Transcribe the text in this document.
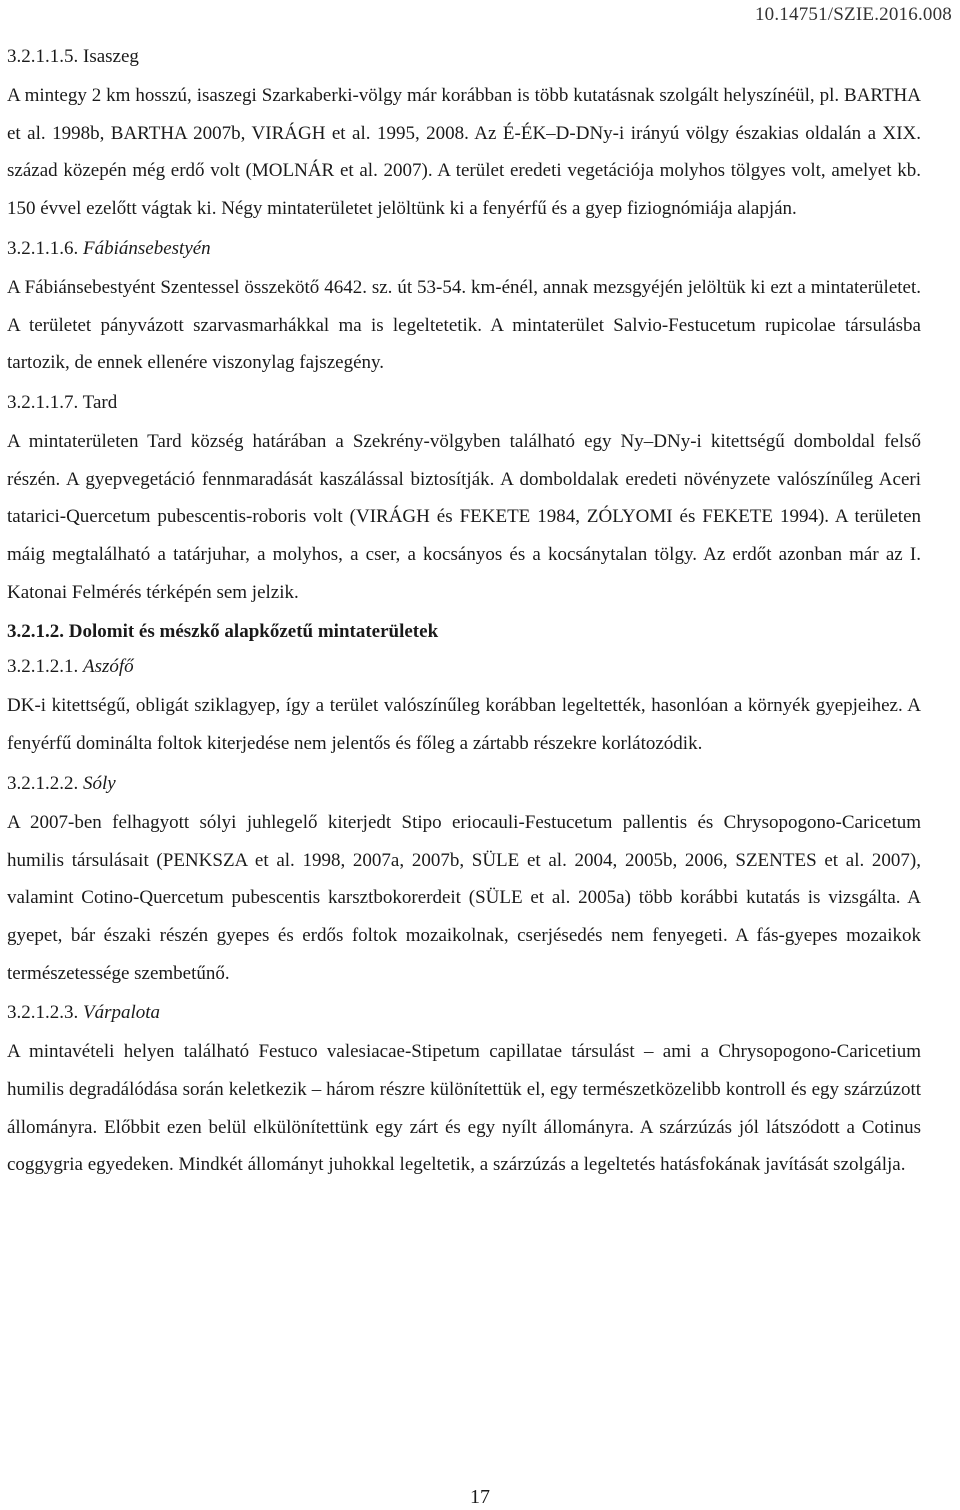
10.14751/SZIE.2016.008
3.2.1.1.5. Isaszeg

A mintegy 2 km hosszú, isaszegi Szarkaberki-völgy már korábban is több kutatásnak szolgált helyszínéül, pl. BARTHA et al. 1998b, BARTHA 2007b, VIRÁGH et al. 1995, 2008. Az É-ÉK–D-DNy-i irányú völgy északias oldalán a XIX. század közepén még erdő volt (MOLNÁR et al. 2007). A terület eredeti vegetációja molyhos tölgyes volt, amelyet kb. 150 évvel ezelőtt vágtak ki. Négy mintaterületet jelöltünk ki a fenyérfű és a gyep fiziognómiája alapján.

3.2.1.1.6. Fábiánsebestyén

A Fábiánsebestyént Szentessel összekötő 4642. sz. út 53-54. km-énél, annak mezsgyéjén jelöltük ki ezt a mintaterületet. A területet pányvázott szarvasmarhákkal ma is legeltetetik. A mintaterület Salvio-Festucetum rupicolae társulásba tartozik, de ennek ellenére viszonylag fajszegény.

3.2.1.1.7. Tard

A mintaterületen Tard község határában a Szekrény-völgyben található egy Ny–DNy-i kitettségű domboldal felső részén. A gyepvegetáció fennmaradását kaszálással biztosítják. A domboldalak eredeti növényzete valószínűleg Aceri tatarici-Quercetum pubescentis-roboris volt (VIRÁGH és FEKETE 1984, ZÓLYOMI és FEKETE 1994). A területen máig megtalálható a tatárjuhar, a molyhos, a cser, a kocsányos és a kocsánytalan tölgy. Az erdőt azonban már az I. Katonai Felmérés térképén sem jelzik.

3.2.1.2. Dolomit és mészkő alapkőzetű mintaterületek
3.2.1.2.1. Aszófő

DK-i kitettségű, obligát sziklagyep, így a terület valószínűleg korábban legeltették, hasonlóan a környék gyepjeihez. A fenyérfű dominálta foltok kiterjedése nem jelentős és főleg a zártabb részekre korlátozódik.

3.2.1.2.2. Sóly

A 2007-ben felhagyott sólyi juhlegelő kiterjedt Stipo eriocauli-Festucetum pallentis és Chrysopogono-Caricetum humilis társulásait (PENKSZA et al. 1998, 2007a, 2007b, SÜLE et al. 2004, 2005b, 2006, SZENTES et al. 2007), valamint Cotino-Quercetum pubescentis karsztbokorerdeit (SÜLE et al. 2005a) több korábbi kutatás is vizsgálta. A gyepet, bár északi részén gyepes és erdős foltok mozaikolnak, cserjésedés nem fenyegeti. A fás-gyepes mozaikok természetessége szembetűnő.

3.2.1.2.3. Várpalota

A mintavételi helyen található Festuco valesiacae-Stipetum capillatae társulást – ami a Chrysopogono-Caricetium humilis degradálódása során keletkezik – három részre különítettük el, egy természetközelibb kontroll és egy szárzúzott állományra. Előbbit ezen belül elkülönítettünk egy zárt és egy nyílt állományra. A szárzúzás jól látszódott a Cotinus coggygria egyedeken. Mindkét állományt juhokkal legeltetik, a szárzúzás a legeltetés hatásfokának javítását szolgálja.

17
